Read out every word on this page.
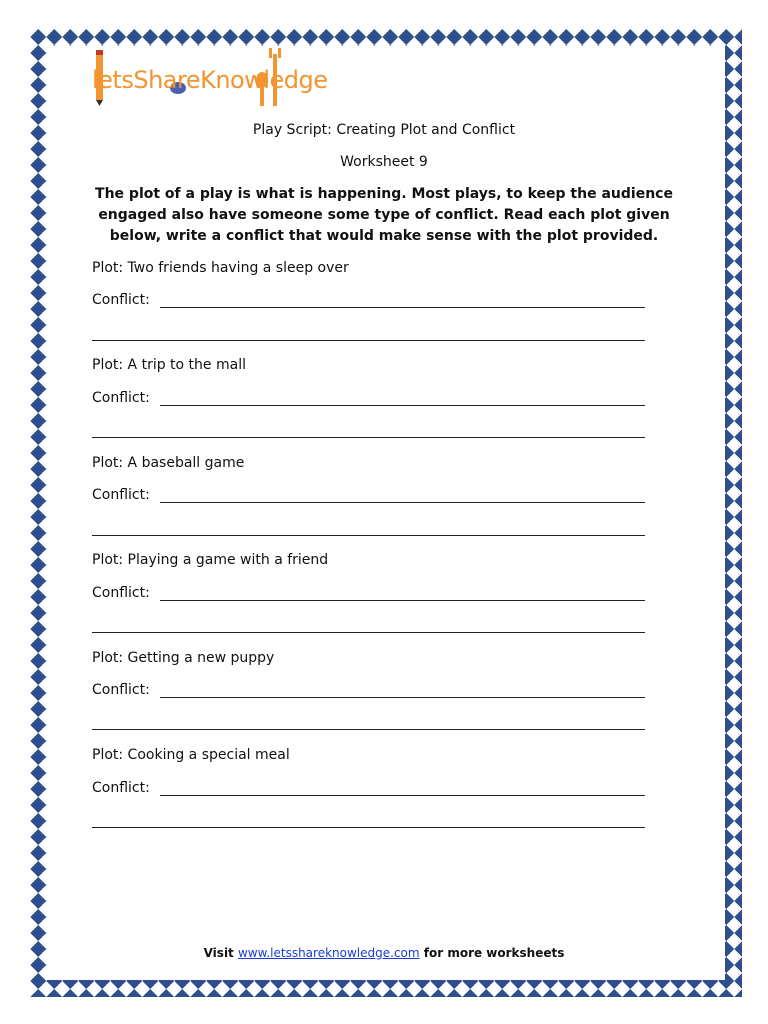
letsShareKnowledge
Play Script: Creating Plot and Conflict
Worksheet 9
The plot of a play is what is happening. Most plays, to keep the audience engaged also have someone some type of conflict. Read each plot given below, write a conflict that would make sense with the plot provided.
Plot: Two friends having a sleep over
Conflict:
Plot: A trip to the mall
Conflict:
Plot: A baseball game
Conflict:
Plot: Playing a game with a friend
Conflict:
Plot: Getting a new puppy
Conflict:
Plot: Cooking a special meal
Conflict:
Visit www.letsshareknowledge.com for more worksheets
